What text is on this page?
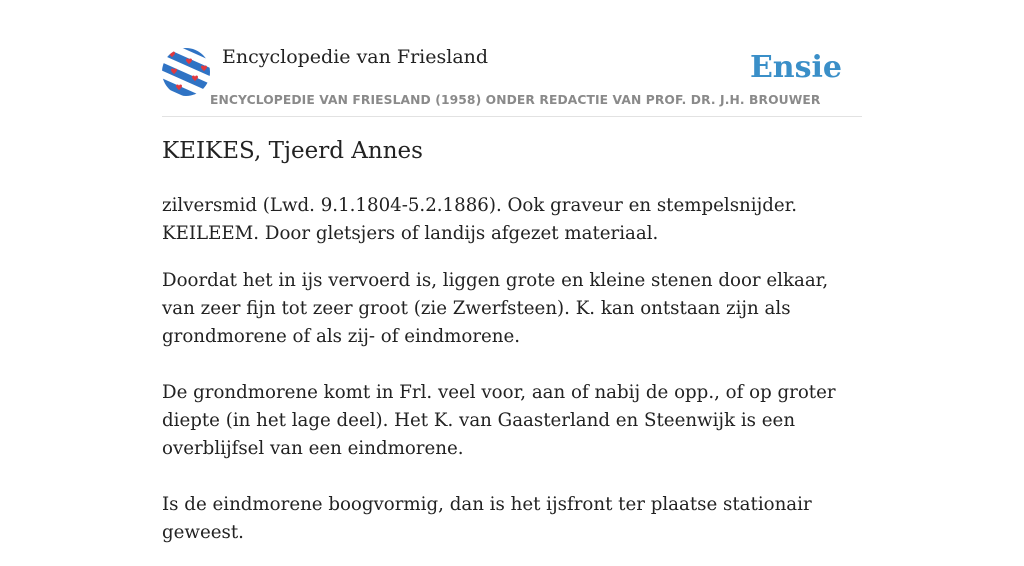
Encyclopedie van Friesland	Ensie
ENCYCLOPEDIE VAN FRIESLAND (1958) ONDER REDACTIE VAN PROF. DR. J.H. BROUWER
KEIKES, Tjeerd Annes

zilversmid (Lwd. 9.1.1804-5.2.1886). Ook graveur en stempelsnijder. KEILEEM. Door gletsjers of landijs afgezet materiaal.

Doordat het in ijs vervoerd is, liggen grote en kleine stenen door elkaar, van zeer fijn tot zeer groot (zie Zwerfsteen). K. kan ontstaan zijn als grondmorene of als zij- of eindmorene.

De grondmorene komt in Frl. veel voor, aan of nabij de opp., of op groter diepte (in het lage deel). Het K. van Gaasterland en Steenwijk is een overblijfsel van een eindmorene.

Is de eindmorene boogvormig, dan is het ijsfront ter plaatse stationair geweest.
